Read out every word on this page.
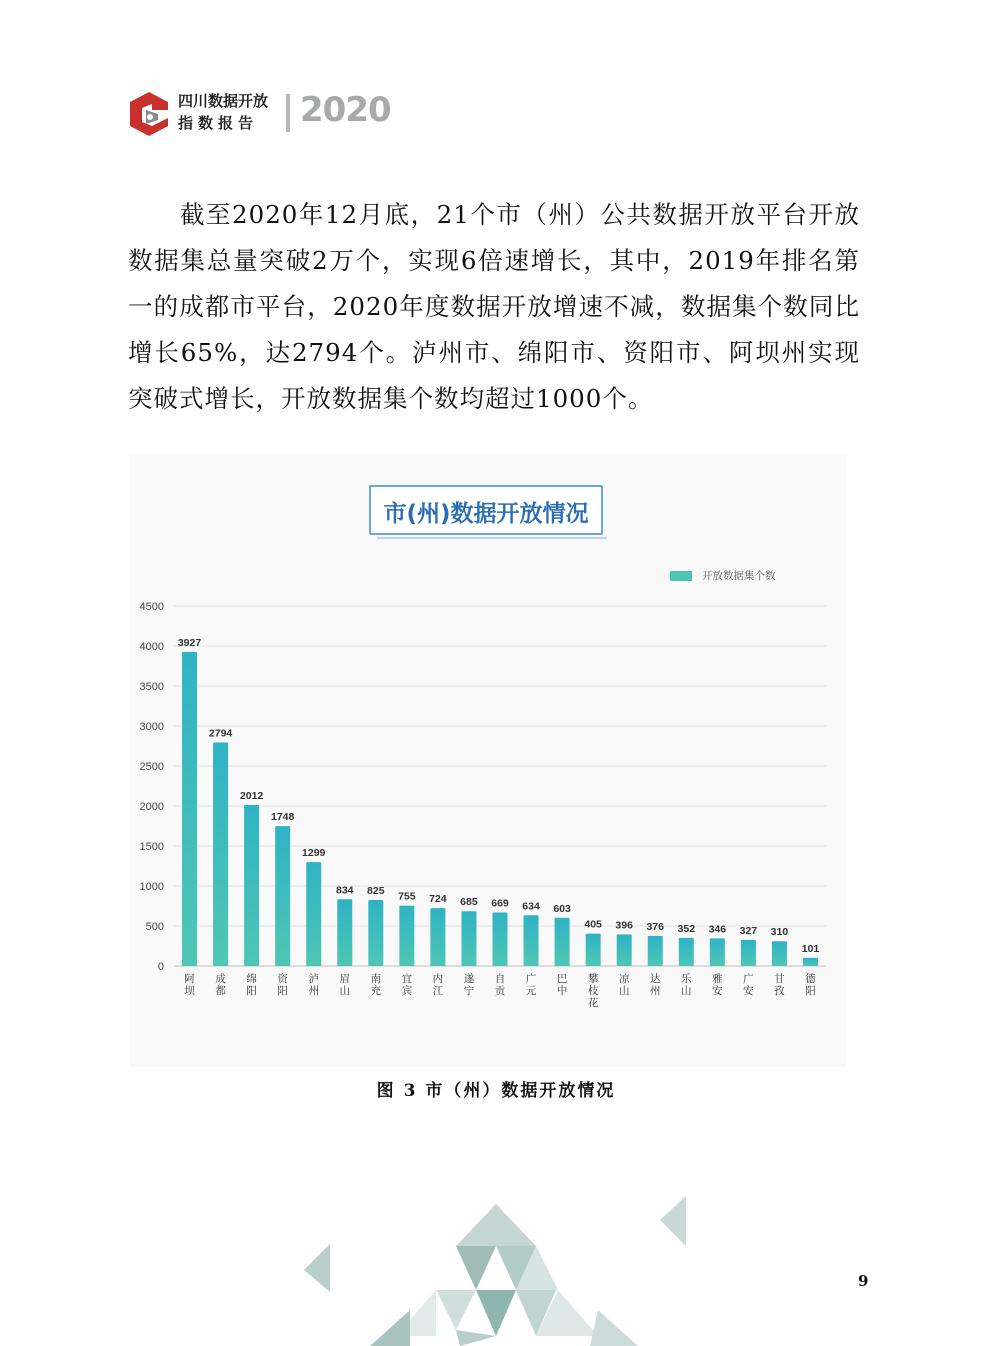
四川数据开放
指数报告 2020
截至2020年12月底，21个市（州）公共数据开放平台开放数据集总量突破2万个，实现6倍速增长，其中，2019年排名第一的成都市平台，2020年度数据开放增速不减，数据集个数同比增长65%，达2794个。泸州市、绵阳市、资阳市、阿坝州实现突破式增长，开放数据集个数均超过1000个。
市(州)数据开放情况
开放数据集个数
0
500
1000
1500
2000
2500
3000
3500
4000
4500
3927
阿坝
2794
成都
2012
绵阳
1748
资阳
1299
泸州
834
眉山
825
南充
755
宜宾
724
内江
685
遂宁
669
自贡
634
广元
603
巴中
405
攀枝花
396
凉山
376
达州
352
乐山
346
雅安
327
广安
310
甘孜
101
德阳
图 3 市（州）数据开放情况
9
